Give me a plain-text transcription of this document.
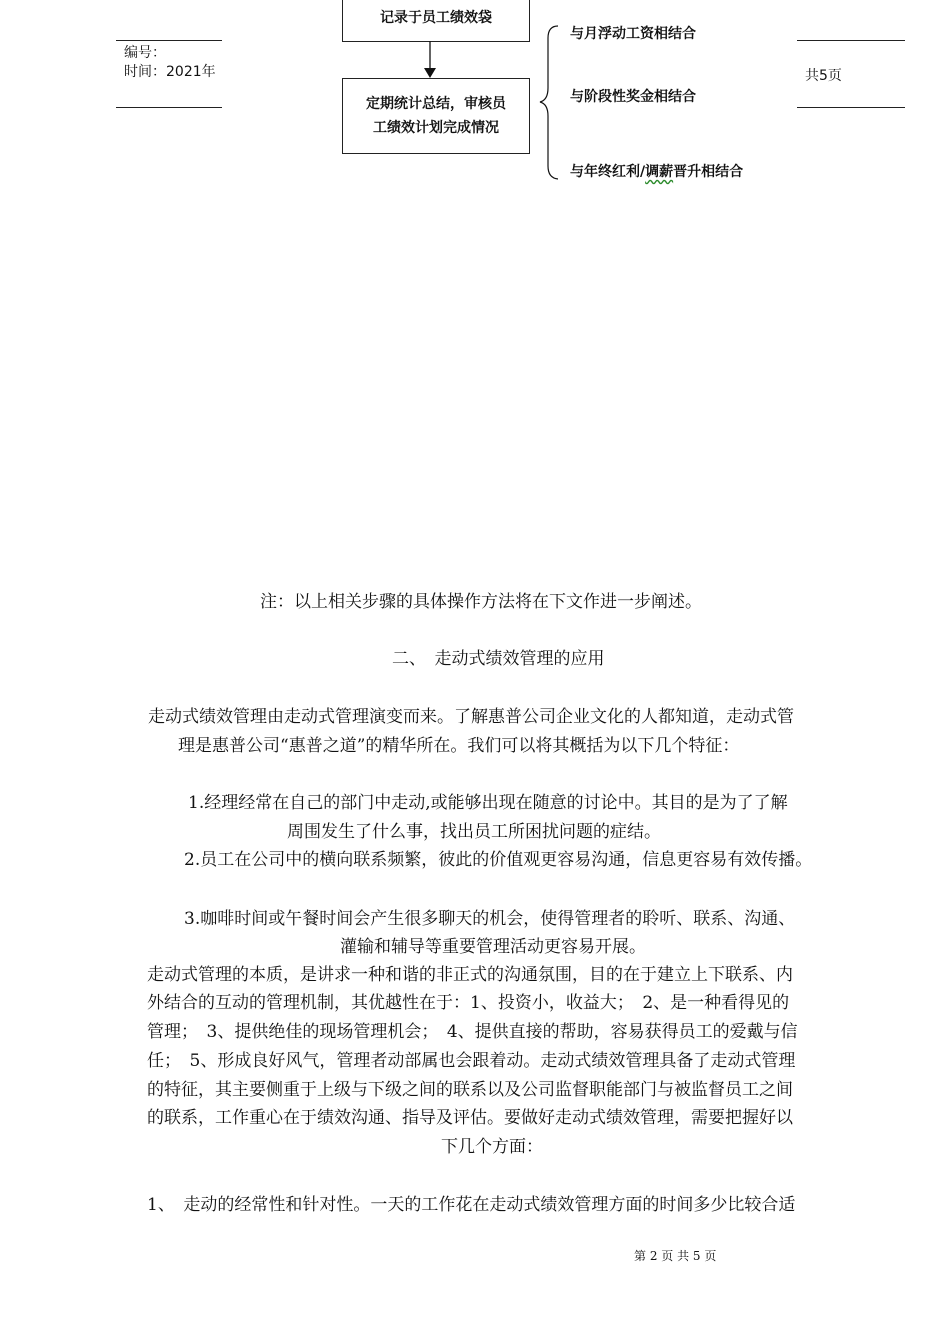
编号：
时间：2021年	共5页
记录于员工绩效袋
定期统计总结，审核员
工绩效计划完成情况
与月浮动工资相结合
与阶段性奖金相结合
与年终红利/调薪晋升相结合
注：以上相关步骤的具体操作方法将在下文作进一步阐述。
二、　走动式绩效管理的应用
走动式绩效管理由走动式管理演变而来。了解惠普公司企业文化的人都知道，走动式管
理是惠普公司“惠普之道”的精华所在。我们可以将其概括为以下几个特征：
1.经理经常在自己的部门中走动,或能够出现在随意的讨论中。其目的是为了了解
周围发生了什么事，找出员工所困扰问题的症结。
2.员工在公司中的横向联系频繁，彼此的价值观更容易沟通，信息更容易有效传播。
3.咖啡时间或午餐时间会产生很多聊天的机会，使得管理者的聆听、联系、沟通、
灌输和辅导等重要管理活动更容易开展。
走动式管理的本质，是讲求一种和谐的非正式的沟通氛围，目的在于建立上下联系、内
外结合的互动的管理机制，其优越性在于：1、投资小，收益大；　2、是一种看得见的
管理；　3、提供绝佳的现场管理机会；　4、提供直接的帮助，容易获得员工的爱戴与信
任；　5、形成良好风气，管理者动部属也会跟着动。走动式绩效管理具备了走动式管理
的特征，其主要侧重于上级与下级之间的联系以及公司监督职能部门与被监督员工之间
的联系，工作重心在于绩效沟通、指导及评估。要做好走动式绩效管理，需要把握好以
下几个方面：
1、　走动的经常性和针对性。一天的工作花在走动式绩效管理方面的时间多少比较合适
第 2 页 共 5 页
